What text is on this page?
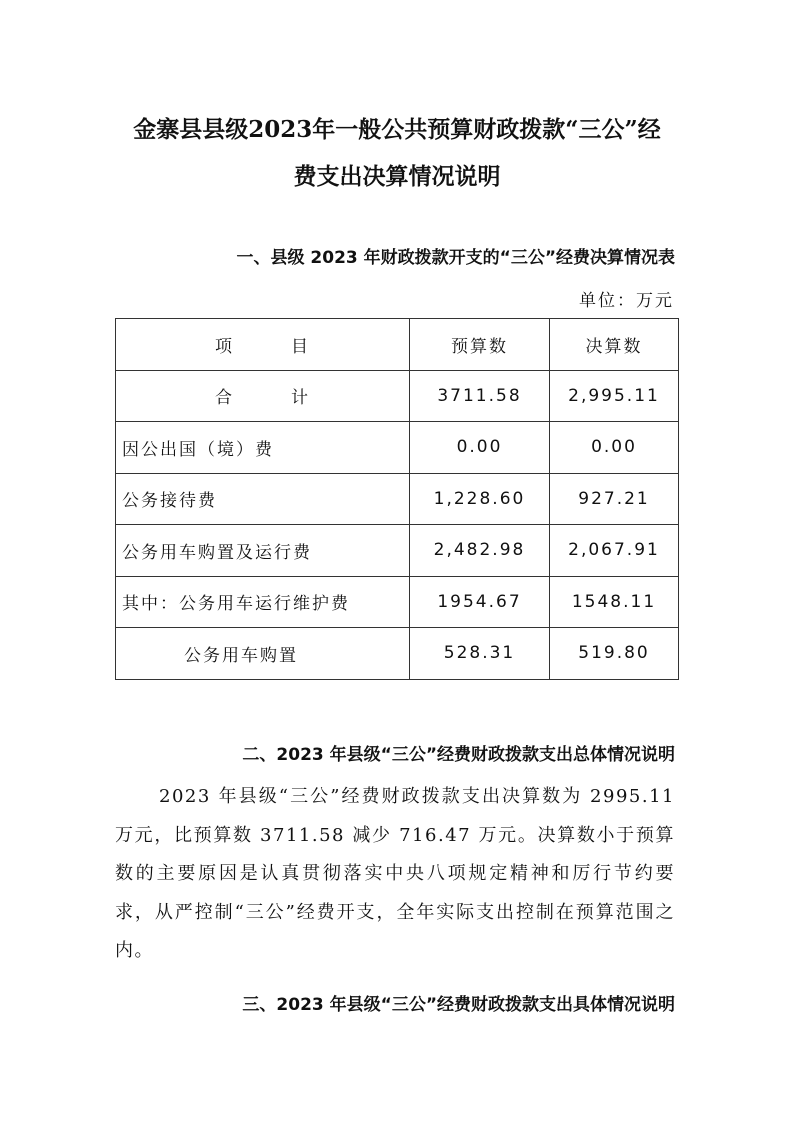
金寨县县级2023年一般公共预算财政拨款“三公”经
费支出决算情况说明
一、县级 2023 年财政拨款开支的“三公”经费决算情况表
单位：万元
项　　　目	预算数	决算数
合　　　计	3711.58	2,995.11
因公出国（境）费	0.00	0.00
公务接待费	1,228.60	927.21
公务用车购置及运行费	2,482.98	2,067.91
其中：公务用车运行维护费	1954.67	1548.11
公务用车购置	528.31	519.80
二、2023 年县级“三公”经费财政拨款支出总体情况说明

2023 年县级“三公”经费财政拨款支出决算数为 2995.11 万元，比预算数 3711.58 减少 716.47 万元。决算数小于预算数的主要原因是认真贯彻落实中央八项规定精神和厉行节约要求，从严控制“三公”经费开支，全年实际支出控制在预算范围之内。

三、2023 年县级“三公”经费财政拨款支出具体情况说明
